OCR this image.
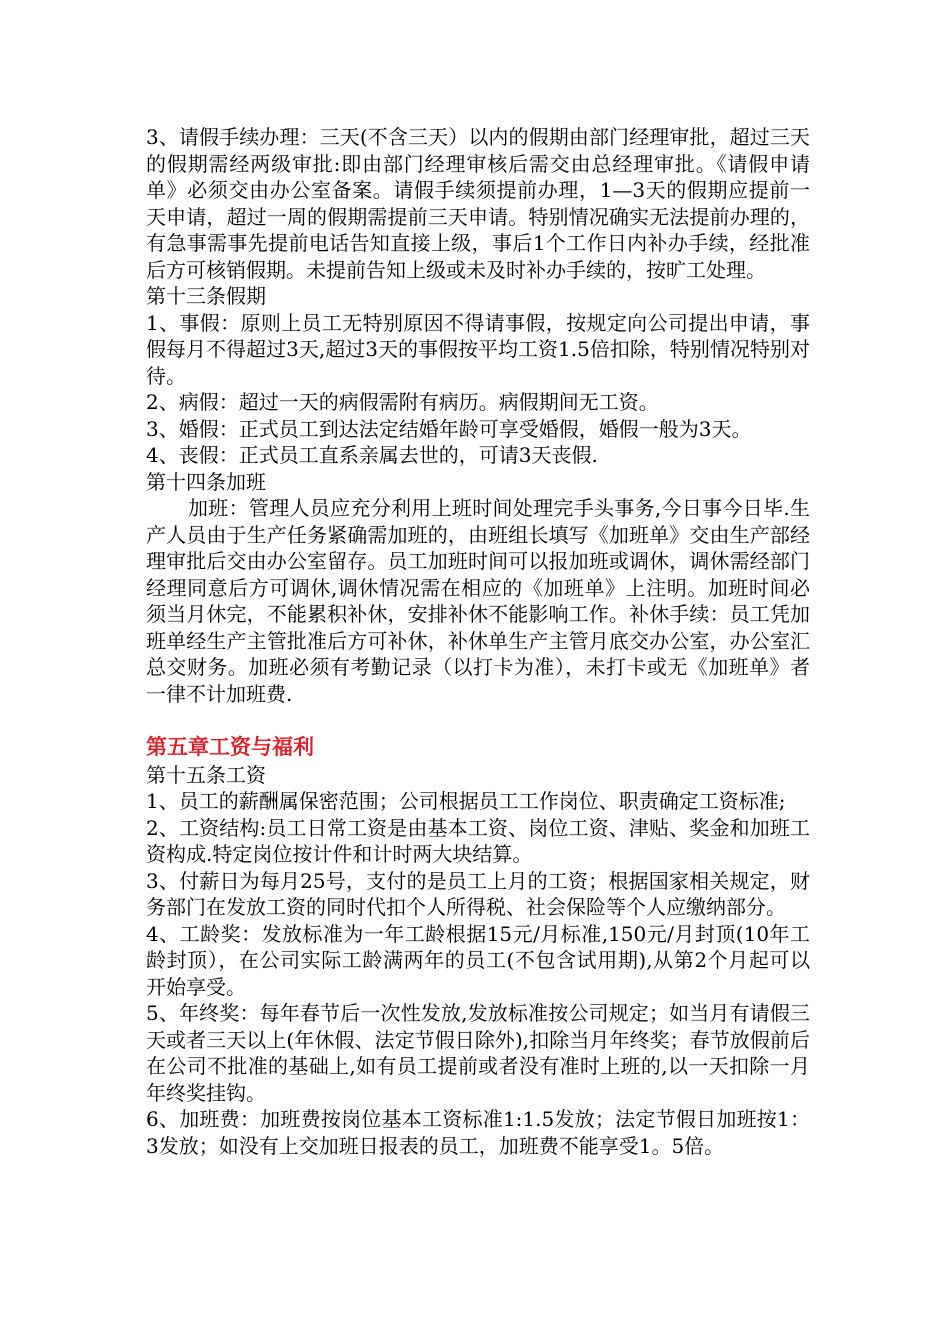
3、请假手续办理：三天(不含三天）以内的假期由部门经理审批，超过三天的假期需经两级审批:即由部门经理审核后需交由总经理审批。《请假申请单》必须交由办公室备案。请假手续须提前办理，1—3天的假期应提前一天申请，超过一周的假期需提前三天申请。特别情况确实无法提前办理的，有急事需事先提前电话告知直接上级，事后1个工作日内补办手续，经批准后方可核销假期。未提前告知上级或未及时补办手续的，按旷工处理。

第十三条假期

1、事假：原则上员工无特别原因不得请事假，按规定向公司提出申请，事假每月不得超过3天,超过3天的事假按平均工资1.5倍扣除，特别情况特别对待。

2、病假：超过一天的病假需附有病历。病假期间无工资。

3、婚假：正式员工到达法定结婚年龄可享受婚假，婚假一般为3天。

4、丧假：正式员工直系亲属去世的，可请3天丧假.

第十四条加班

加班：管理人员应充分利用上班时间处理完手头事务,今日事今日毕.生产人员由于生产任务紧确需加班的，由班组长填写《加班单》交由生产部经理审批后交由办公室留存。员工加班时间可以报加班或调休，调休需经部门经理同意后方可调休,调休情况需在相应的《加班单》上注明。加班时间必须当月休完，不能累积补休，安排补休不能影响工作。补休手续：员工凭加班单经生产主管批准后方可补休，补休单生产主管月底交办公室，办公室汇总交财务。加班必须有考勤记录（以打卡为准），未打卡或无《加班单》者一律不计加班费.

第五章工资与福利

第十五条工资

1、员工的薪酬属保密范围；公司根据员工工作岗位、职责确定工资标准;

2、工资结构:员工日常工资是由基本工资、岗位工资、津贴、奖金和加班工资构成.特定岗位按计件和计时两大块结算。

3、付薪日为每月25号，支付的是员工上月的工资；根据国家相关规定，财务部门在发放工资的同时代扣个人所得税、社会保险等个人应缴纳部分。

4、工龄奖：发放标准为一年工龄根据15元/月标准,150元/月封顶(10年工龄封顶），在公司实际工龄满两年的员工(不包含试用期),从第2个月起可以开始享受。

5、年终奖：每年春节后一次性发放,发放标准按公司规定；如当月有请假三天或者三天以上(年休假、法定节假日除外),扣除当月年终奖；春节放假前后在公司不批准的基础上,如有员工提前或者没有准时上班的,以一天扣除一月年终奖挂钩。

6、加班费：加班费按岗位基本工资标准1:1.5发放；法定节假日加班按1：3发放；如没有上交加班日报表的员工，加班费不能享受1。5倍。
